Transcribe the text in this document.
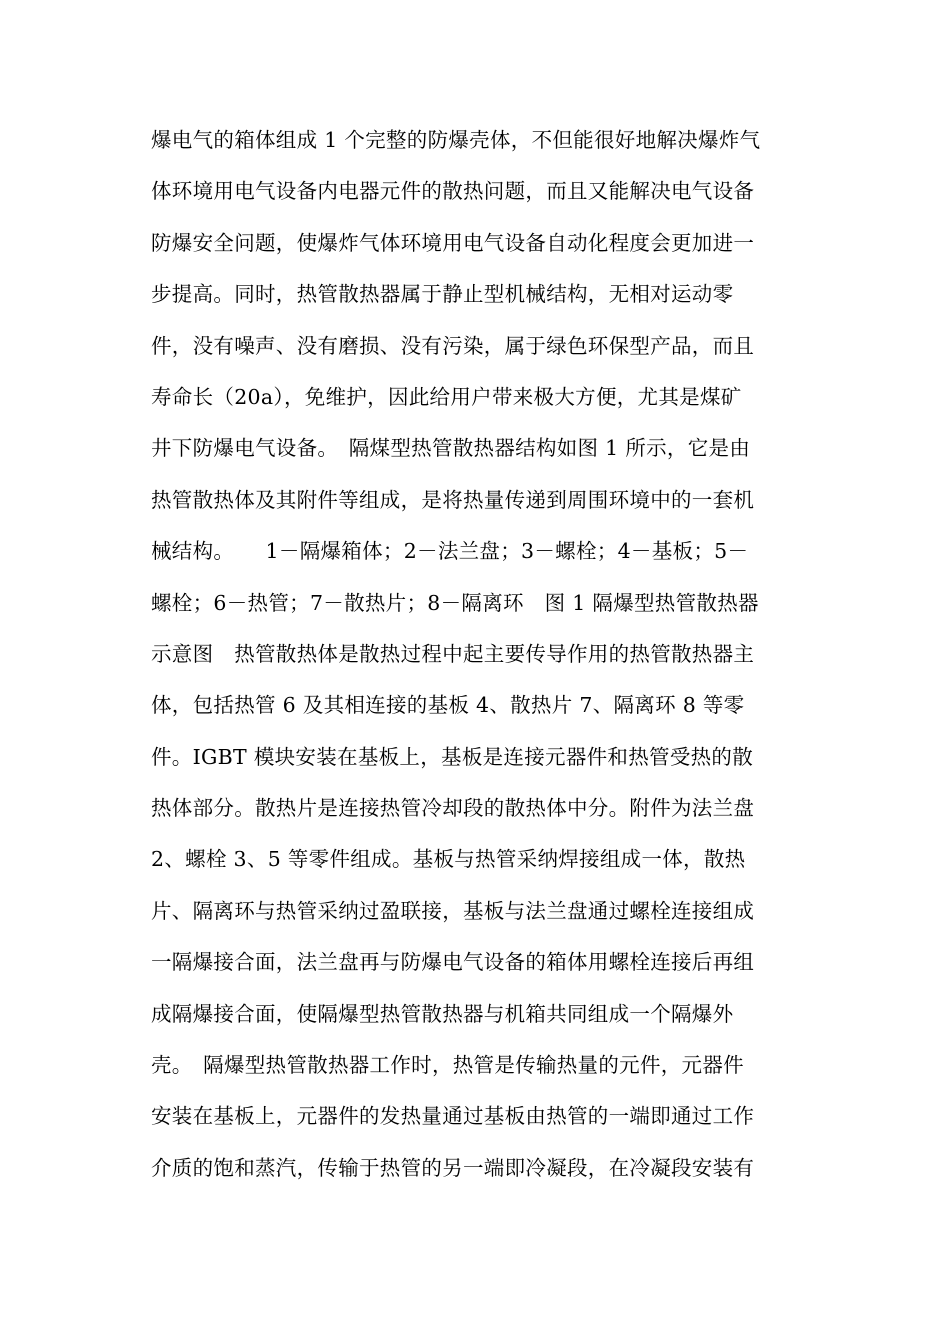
爆电气的箱体组成 1 个完整的防爆壳体，不但能很好地解决爆炸气
体环境用电气设备内电器元件的散热问题，而且又能解决电气设备
防爆安全问题，使爆炸气体环境用电气设备自动化程度会更加进一
步提高。同时，热管散热器属于静止型机械结构，无相对运动零
件，没有噪声、没有磨损、没有污染，属于绿色环保型产品，而且
寿命长（20a），免维护，因此给用户带来极大方便，尤其是煤矿
井下防爆电气设备。　隔煤型热管散热器结构如图 1 所示，它是由
热管散热体及其附件等组成，是将热量传递到周围环境中的一套机
械结构。　　1－隔爆箱体；2－法兰盘；3－螺栓；4－基板；5－
螺栓；6－热管；7－散热片；8－隔离环　图 1 隔爆型热管散热器
示意图　热管散热体是散热过程中起主要传导作用的热管散热器主
体，包括热管 6 及其相连接的基板 4、散热片 7、隔离环 8 等零
件。IGBT 模块安装在基板上，基板是连接元器件和热管受热的散
热体部分。散热片是连接热管冷却段的散热体中分。附件为法兰盘
2、螺栓 3、5 等零件组成。基板与热管采纳焊接组成一体，散热
片、隔离环与热管采纳过盈联接，基板与法兰盘通过螺栓连接组成
一隔爆接合面，法兰盘再与防爆电气设备的箱体用螺栓连接后再组
成隔爆接合面，使隔爆型热管散热器与机箱共同组成一个隔爆外
壳。　隔爆型热管散热器工作时，热管是传输热量的元件，元器件
安装在基板上，元器件的发热量通过基板由热管的一端即通过工作
介质的饱和蒸汽，传输于热管的另一端即冷凝段，在冷凝段安装有
